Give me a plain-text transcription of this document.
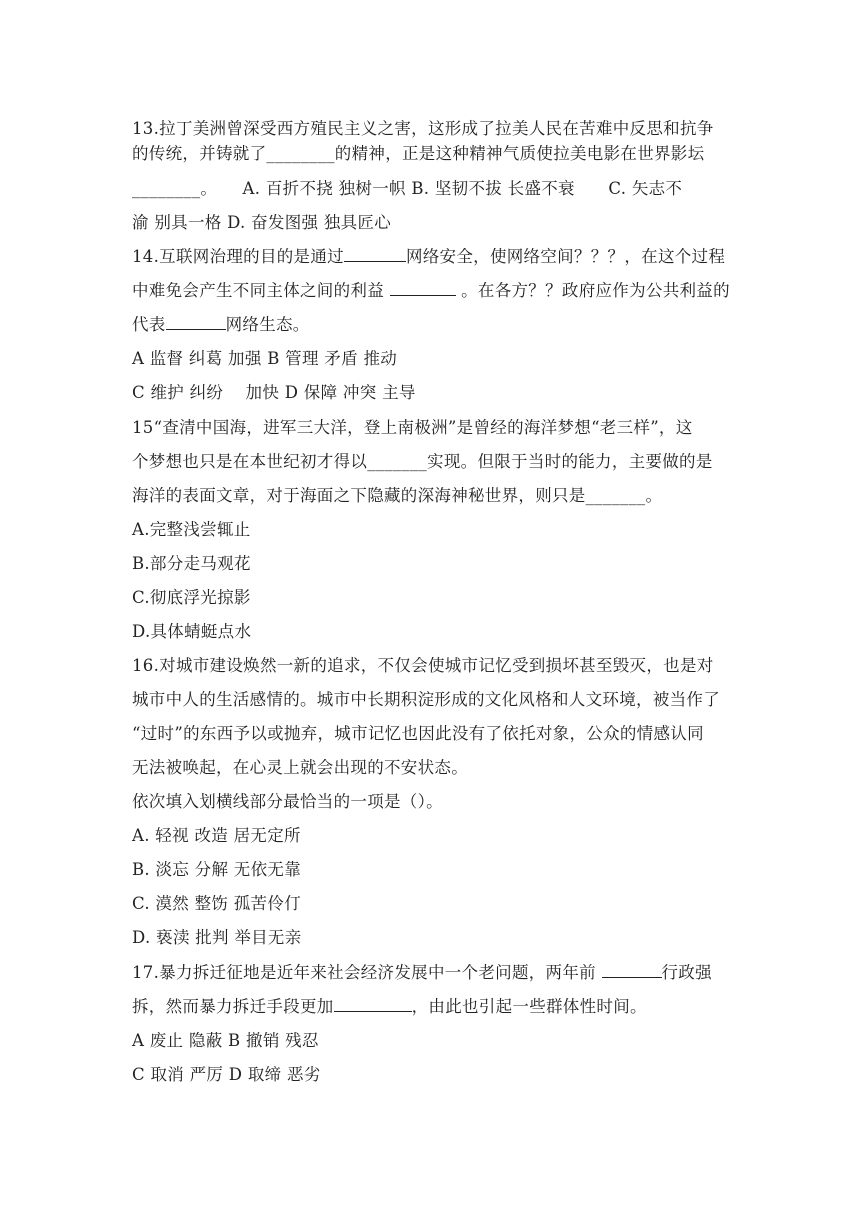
13.拉丁美洲曾深受西方殖民主义之害，这形成了拉美人民在苦难中反思和抗争
的传统，并铸就了________的精神，正是这种精神气质使拉美电影在世界影坛
________。　　A. 百折不挠 独树一帜 B. 坚韧不拔 长盛不衰　　C. 矢志不
渝 别具一格 D. 奋发图强 独具匠心
14.互联网治理的目的是通过	网络安全，使网络空间？？？，在这个过程
中难免会产生不同主体之间的利益	。在各方？？政府应作为公共利益的
代表	网络生态。
A 监督 纠葛 加强 B 管理 矛盾 推动
C 维护 纠纷　 加快 D 保障 冲突 主导
15“查清中国海，进军三大洋，登上南极洲”是曾经的海洋梦想“老三样”，这
个梦想也只是在本世纪初才得以_______实现。但限于当时的能力，主要做的是
海洋的表面文章，对于海面之下隐藏的深海神秘世界，则只是_______。
A.完整浅尝辄止
B.部分走马观花
C.彻底浮光掠影
D.具体蜻蜓点水
16.对城市建设焕然一新的追求，不仅会使城市记忆受到损坏甚至毁灭，也是对
城市中人的生活感情的。城市中长期积淀形成的文化风格和人文环境，被当作了
“过时”的东西予以或抛弃，城市记忆也因此没有了依托对象，公众的情感认同
无法被唤起，在心灵上就会出现的不安状态。
依次填入划横线部分最恰当的一项是（）。
A. 轻视 改造 居无定所
B. 淡忘 分解 无依无靠
C. 漠然 整饬 孤苦伶仃
D. 亵渎 批判 举目无亲
17.暴力拆迁征地是近年来社会经济发展中一个老问题，两年前	行政强
拆，然而暴力拆迁手段更加	，由此也引起一些群体性时间。
A 废止 隐蔽 B 撤销 残忍
C 取消 严厉 D 取缔 恶劣
